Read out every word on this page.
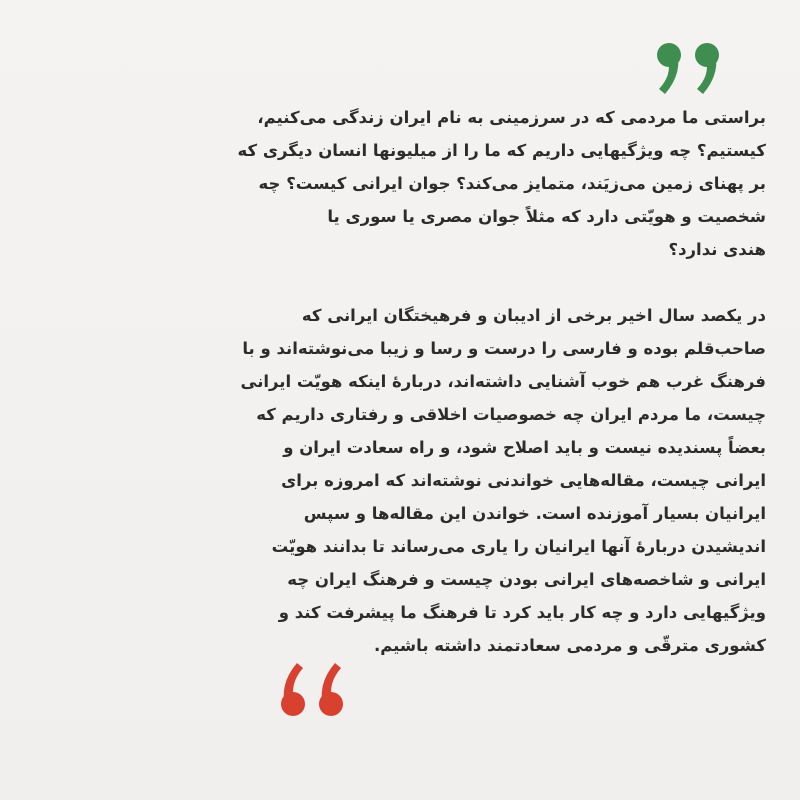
براستی ما مردمی که در سرزمینی به نام ایران زندگی می‌کنیم،
کیستیم؟ چه ویژگیهایی داریم که ما را از میلیونها انسان دیگری که
بر پهنای زمین می‌زیَند، متمایز می‌کند؟ جوان ایرانی کیست؟ چه
شخصیت و هویّتی دارد که مثلاً جوان مصری یا سوری یا
هندی ندارد؟
در یکصد سال اخیر برخی از ادیبان و فرهیختگان ایرانی که
صاحب‌قلم بوده و فارسی را درست و رسا و زیبا می‌نوشته‌اند و با
فرهنگ غرب هم خوب آشنایی داشته‌اند، دربارهٔ اینکه هویّت ایرانی
چیست، ما مردم ایران چه خصوصیات اخلاقی و رفتاری داریم که
بعضاً پسندیده نیست و باید اصلاح شود، و راه سعادت ایران و
ایرانی چیست، مقاله‌هایی خواندنی نوشته‌اند که امروزه برای
ایرانیان بسیار آموزنده است. خواندن این مقاله‌ها و سپس
اندیشیدن دربارهٔ آنها ایرانیان را یاری می‌رساند تا بدانند هویّت
ایرانی و شاخصه‌های ایرانی بودن چیست و فرهنگ ایران چه
ویژگیهایی دارد و چه کار باید کرد تا فرهنگ ما پیشرفت کند و
کشوری مترقّی و مردمی سعادتمند داشته باشیم.
